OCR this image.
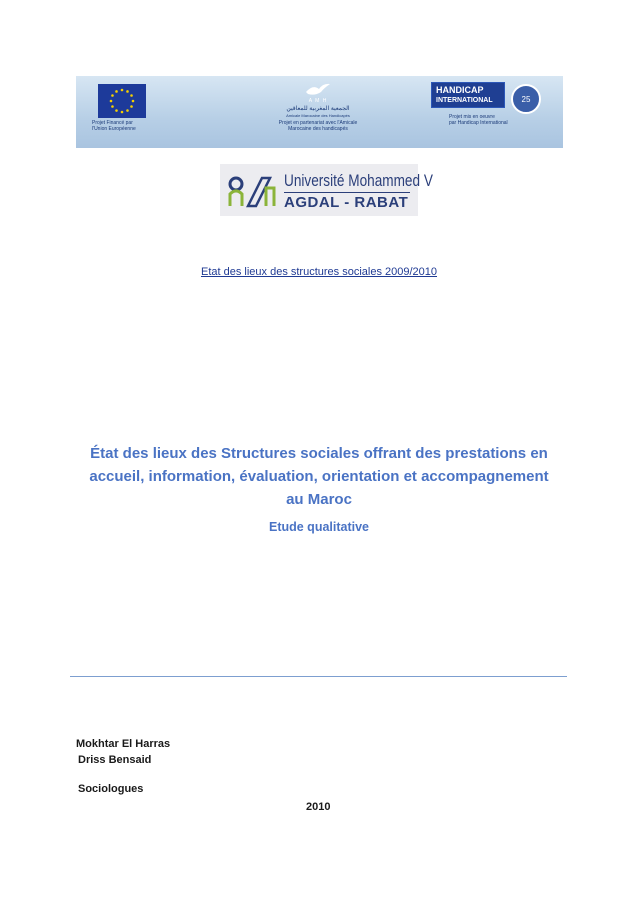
Projet Financé par
l'Union Européenne
A M H
الجمعية المغربية للمعاقين
Amicale Marocaine des Handicapés
Projet en partenariat avec l'Amicale
Marocaine des handicapés
HANDICAP
INTERNATIONAL	25
Projet mis en oeuvre
par Handicap International
Université Mohammed V
AGDAL - RABAT
Etat des lieux des structures sociales 2009/2010
État des lieux des Structures sociales offrant des prestations en accueil, information, évaluation, orientation et accompagnement au Maroc
Etude qualitative
Mokhtar El Harras
Driss Bensaid
Sociologues
2010
